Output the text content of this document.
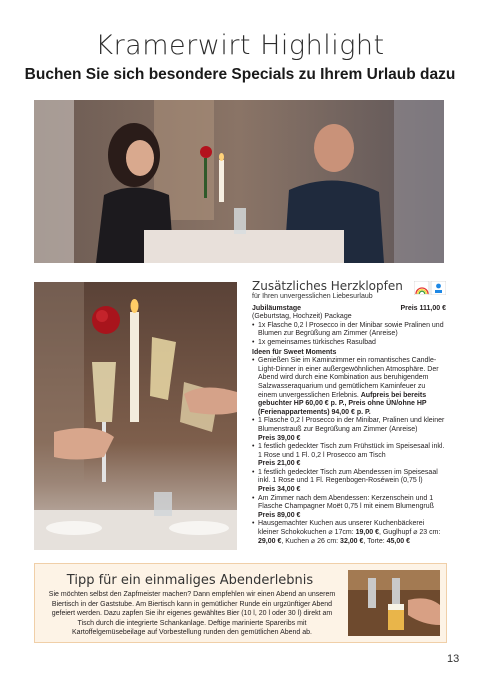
Kramerwirt Highlight
Buchen Sie sich besondere Specials zu Ihrem Urlaub dazu
Zusätzliches Herzklopfen
für Ihren unvergesslichen Liebesurlaub
Jubiläumstage	Preis 111,00 €
(Geburtstag, Hochzeit) Package
• 1x Flasche 0,2 l Prosecco in der Minibar sowie Pralinen und Blumen zur Begrüßung am Zimmer (Anreise)
• 1x gemeinsames türkisches Rasulbad
Ideen für Sweet Moments
• Genießen Sie im Kaminzimmer ein romantisches Candle-Light-Dinner in einer außergewöhnlichen Atmosphäre. Der Abend wird durch eine Kombination aus beruhigendem Salzwasseraquarium und gemütlichem Kaminfeuer zu einem unvergesslichen Erlebnis. Aufpreis bei bereits gebuchter HP 60,00 € p. P., Preis ohne ÜN/ohne HP (Ferienappartements) 94,00 € p. P.
• 1 Flasche 0,2 l Prosecco in der Minibar, Pralinen und kleiner Blumenstrauß zur Begrüßung am Zimmer (Anreise)
Preis 39,00 €
• 1 festlich gedeckter Tisch zum Frühstück im Speisesaal inkl. 1 Rose und 1 Fl. 0,2 l Prosecco am Tisch
Preis 21,00 €
• 1 festlich gedeckter Tisch zum Abendessen im Speisesaal inkl. 1 Rose und 1 Fl. Regenbogen-Roséwein (0,75 l)
Preis 34,00 €
• Am Zimmer nach dem Abendessen: Kerzenschein und 1 Flasche Champagner Moët 0,75 l mit einem Blumengruß
Preis 89,00 €
• Hausgemachter Kuchen aus unserer Kuchenbäckerei kleiner Schokokuchen ⌀ 17cm: 19,00 €, Guglhupf ⌀ 23 cm: 29,00 €, Kuchen ⌀ 26 cm: 32,00 €, Torte: 45,00 €
Tipp für ein einmaliges Abenderlebnis
Sie möchten selbst den Zapfmeister machen? Dann empfehlen wir einen Abend an unserem Biertisch in der Gaststube. Am Biertisch kann in gemütlicher Runde ein urgzünftiger Abend gefeiert werden. Dazu zapfen Sie ihr eigenes gewähltes Bier (10 l, 20 l oder 30 l) direkt am Tisch durch die integrierte Schankanlage. Deftige marinierte Spareribs mit Kartoffelgemüsebeilage auf Vorbestellung runden den gemütlichen Abend ab.
13
